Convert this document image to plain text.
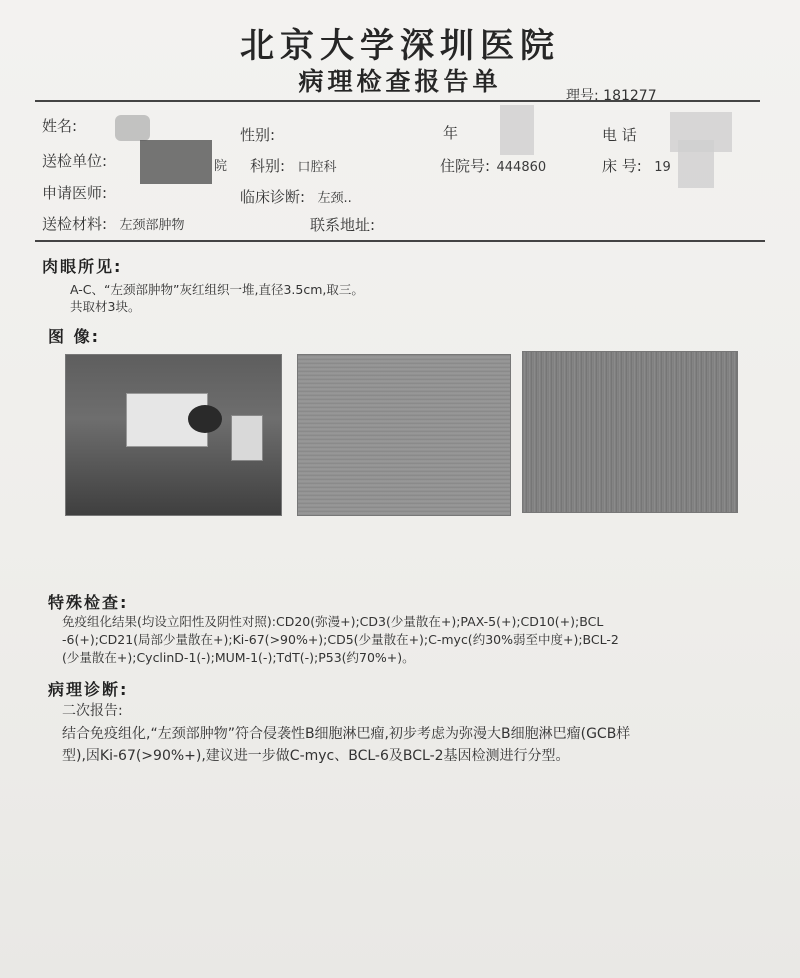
北京大学深圳医院
病理检查报告单	理号: 181277
姓名:	性别:	年	电 话
送检单位:	院 科别: 口腔科	住院号: 444860	床 号: 19
申请医师:	临床诊断: 左颈..
送检材料: 左颈部肿物	联系地址:
肉眼所见:
A-C、“左颈部肿物”灰红组织一堆,直径3.5cm,取三。
共取材3块。
图 像:
特殊检查:
免疫组化结果(均设立阳性及阴性对照):CD20(弥漫+);CD3(少量散在+);PAX-5(+);CD10(+);BCL
-6(+);CD21(局部少量散在+);Ki-67(>90%+);CD5(少量散在+);C-myc(约30%弱至中度+);BCL-2
(少量散在+);CyclinD-1(-);MUM-1(-);TdT(-);P53(约70%+)。
病理诊断:
二次报告:
结合免疫组化,“左颈部肿物”符合侵袭性B细胞淋巴瘤,初步考虑为弥漫大B细胞淋巴瘤(GCB样
型),因Ki-67(>90%+),建议进一步做C-myc、BCL-6及BCL-2基因检测进行分型。
